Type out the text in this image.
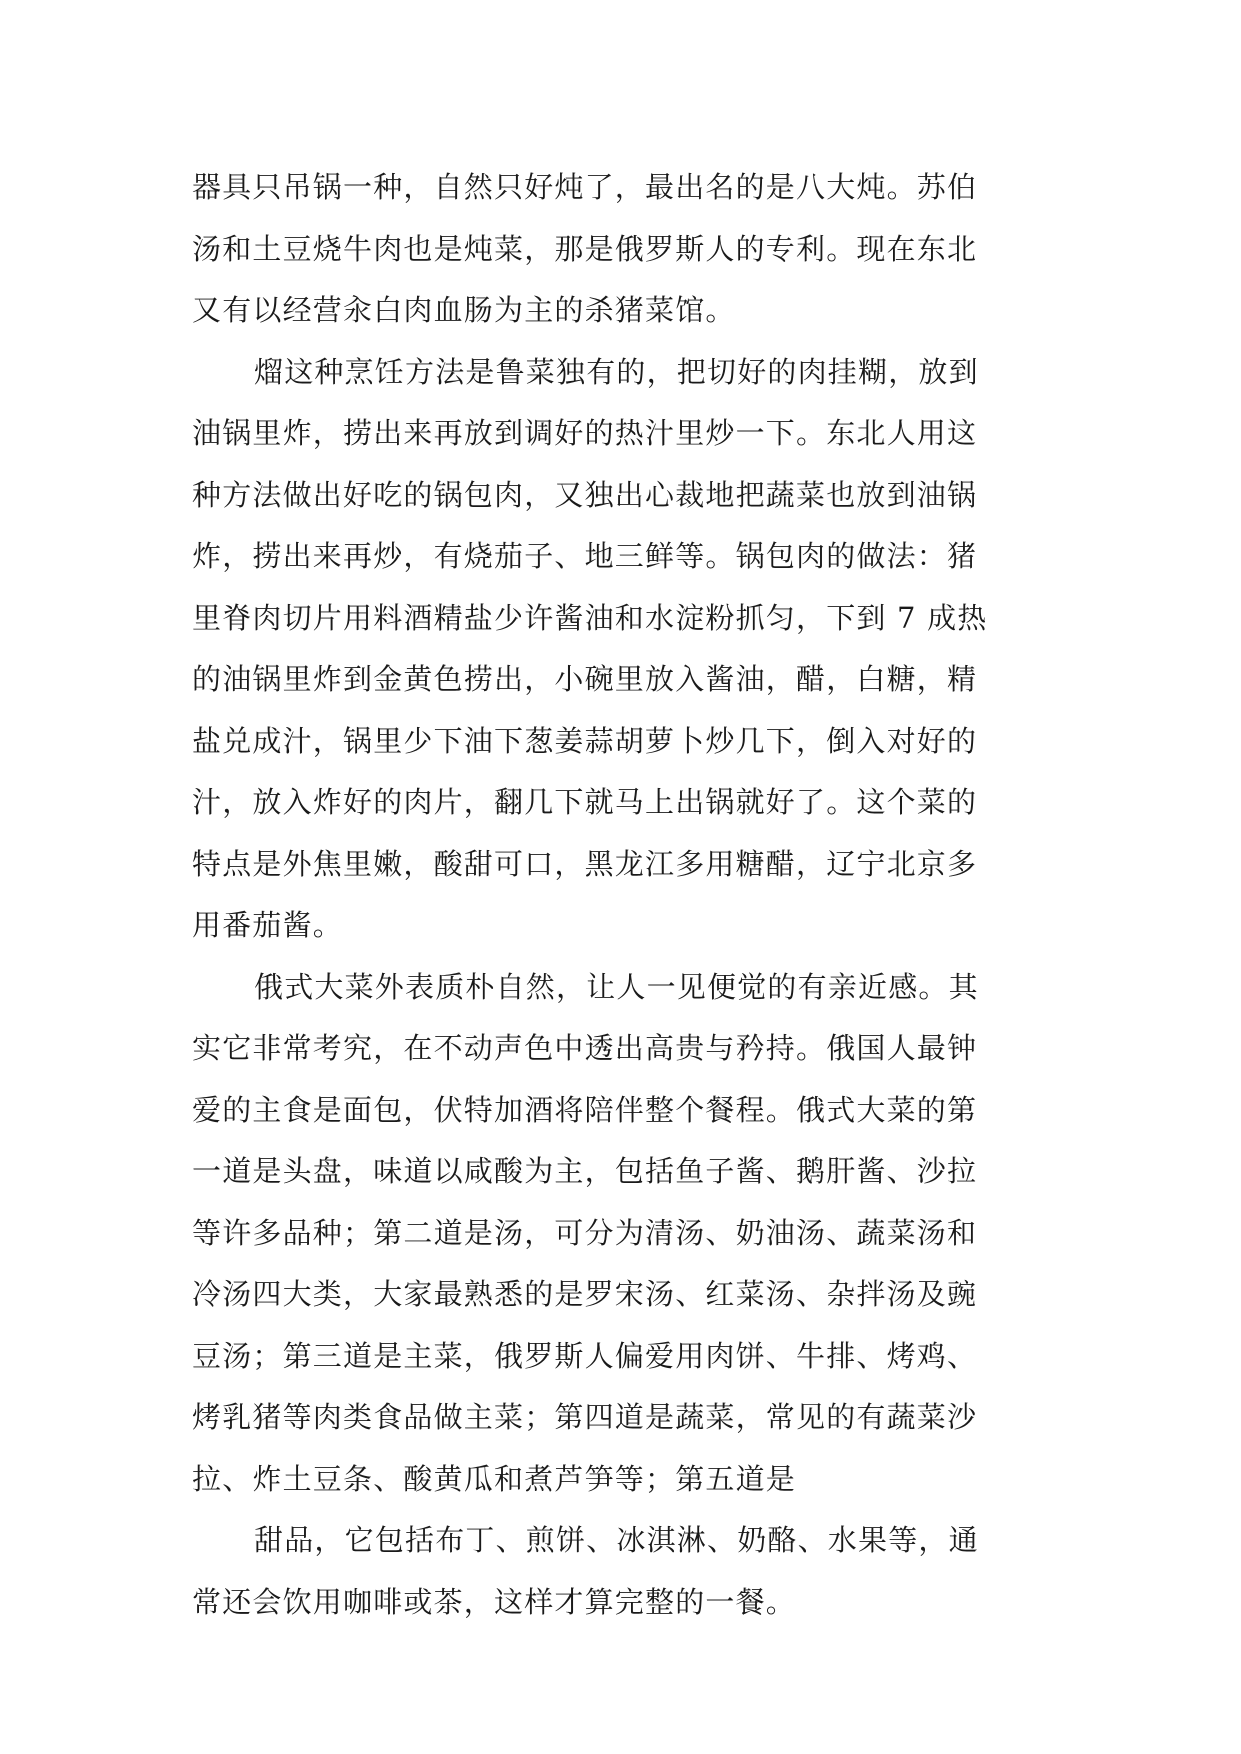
器具只吊锅一种，自然只好炖了，最出名的是八大炖。苏伯
汤和土豆烧牛肉也是炖菜，那是俄罗斯人的专利。现在东北
又有以经营汆白肉血肠为主的杀猪菜馆。
熘这种烹饪方法是鲁菜独有的，把切好的肉挂糊，放到
油锅里炸，捞出来再放到调好的热汁里炒一下。东北人用这
种方法做出好吃的锅包肉，又独出心裁地把蔬菜也放到油锅
炸，捞出来再炒，有烧茄子、地三鲜等。锅包肉的做法：猪
里脊肉切片用料酒精盐少许酱油和水淀粉抓匀，下到 7 成热
的油锅里炸到金黄色捞出，小碗里放入酱油，醋，白糖，精
盐兑成汁，锅里少下油下葱姜蒜胡萝卜炒几下，倒入对好的
汁，放入炸好的肉片，翻几下就马上出锅就好了。这个菜的
特点是外焦里嫩，酸甜可口，黑龙江多用糖醋，辽宁北京多
用番茄酱。
俄式大菜外表质朴自然，让人一见便觉的有亲近感。其
实它非常考究，在不动声色中透出高贵与矜持。俄国人最钟
爱的主食是面包，伏特加酒将陪伴整个餐程。俄式大菜的第
一道是头盘，味道以咸酸为主，包括鱼子酱、鹅肝酱、沙拉
等许多品种；第二道是汤，可分为清汤、奶油汤、蔬菜汤和
冷汤四大类，大家最熟悉的是罗宋汤、红菜汤、杂拌汤及豌
豆汤；第三道是主菜，俄罗斯人偏爱用肉饼、牛排、烤鸡、
烤乳猪等肉类食品做主菜；第四道是蔬菜，常见的有蔬菜沙
拉、炸土豆条、酸黄瓜和煮芦笋等；第五道是
甜品，它包括布丁、煎饼、冰淇淋、奶酪、水果等，通
常还会饮用咖啡或茶，这样才算完整的一餐。
